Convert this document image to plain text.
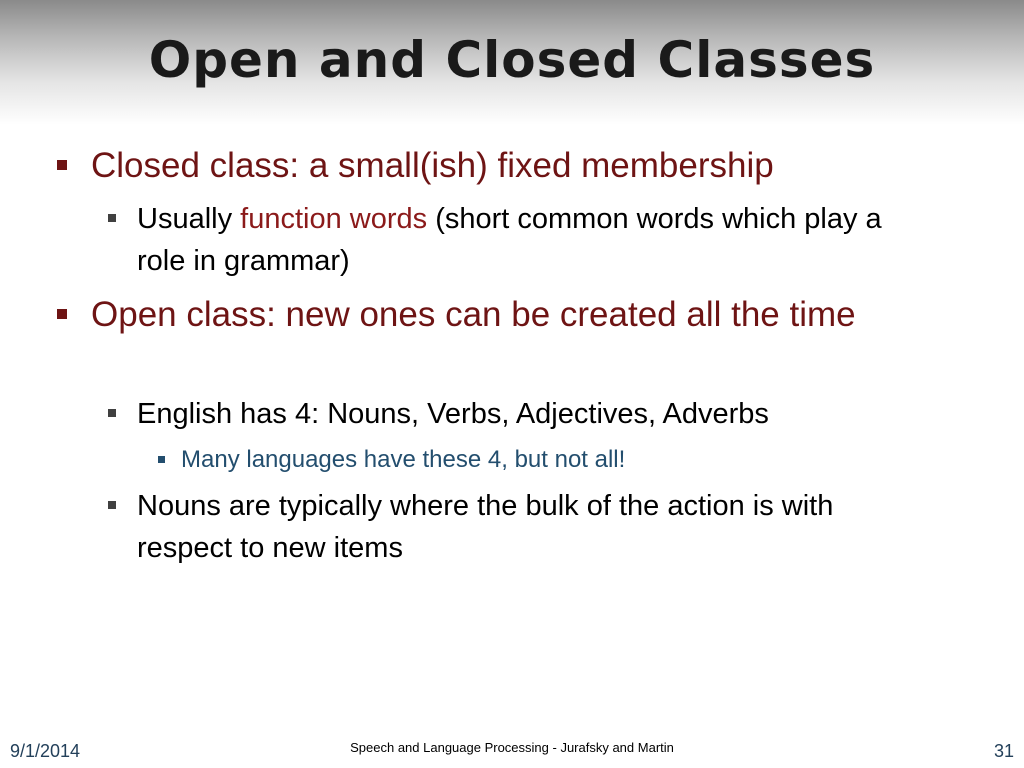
Open and Closed Classes

Closed class: a small(ish) fixed membership

Usually function words (short common words which play a role in grammar)

Open class: new ones can be created all the time

English has 4: Nouns, Verbs, Adjectives, Adverbs

Many languages have these 4, but not all!

Nouns are typically where the bulk of the action is with respect to new items

9/1/2014	Speech and Language Processing - Jurafsky and Martin	31
